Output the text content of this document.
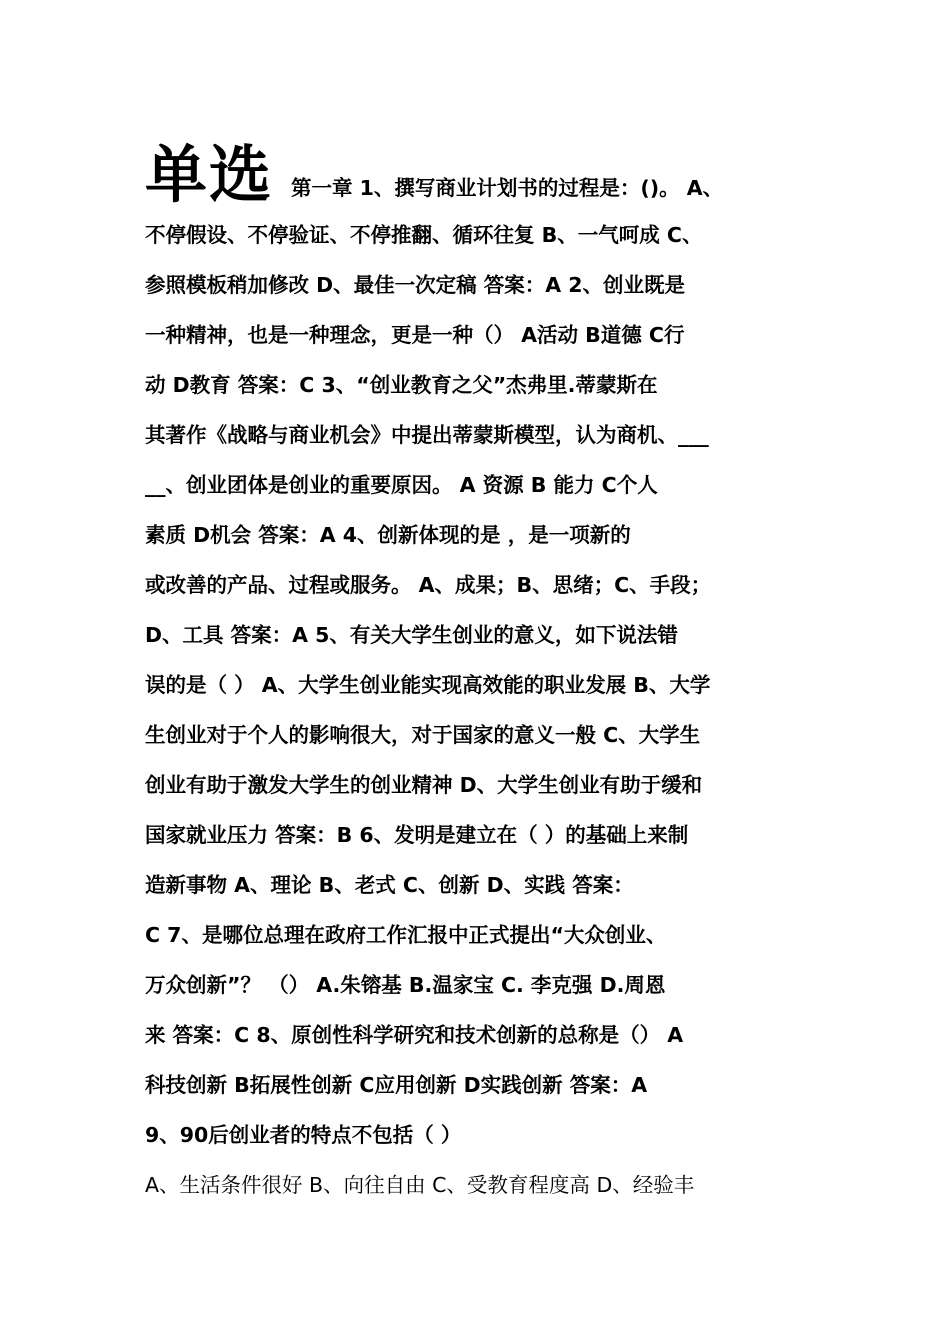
单选 第一章 1、撰写商业计划书的过程是：()。 A、
不停假设、不停验证、不停推翻、循环往复 B、一气呵成 C、
参照模板稍加修改 D、最佳一次定稿 答案：A 2、创业既是
一种精神，也是一种理念，更是一种（） A活动 B道德 C行
动 D教育 答案：C 3、“创业教育之父”杰弗里.蒂蒙斯在
其著作《战略与商业机会》中提出蒂蒙斯模型，认为商机、___
__、创业团体是创业的重要原因。 A 资源 B 能力 C个人
素质 D机会 答案：A 4、创新体现的是 ，是一项新的
或改善的产品、过程或服务。 A、成果；B、思绪；C、手段；
D、工具 答案：A 5、有关大学生创业的意义，如下说法错
误的是（ ） A、大学生创业能实现高效能的职业发展 B、大学
生创业对于个人的影响很大，对于国家的意义一般 C、大学生
创业有助于激发大学生的创业精神 D、大学生创业有助于缓和
国家就业压力 答案：B 6、发明是建立在（ ）的基础上来制
造新事物 A、理论 B、老式 C、创新 D、实践 答案：
C 7、是哪位总理在政府工作汇报中正式提出“大众创业、
万众创新”？ （） A.朱镕基 B.温家宝 C. 李克强 D.周恩
来 答案：C 8、原创性科学研究和技术创新的总称是（） A
科技创新 B拓展性创新 C应用创新 D实践创新 答案：A
9、90后创业者的特点不包括（ ）
A、生活条件很好 B、向往自由 C、受教育程度高 D、经验丰
